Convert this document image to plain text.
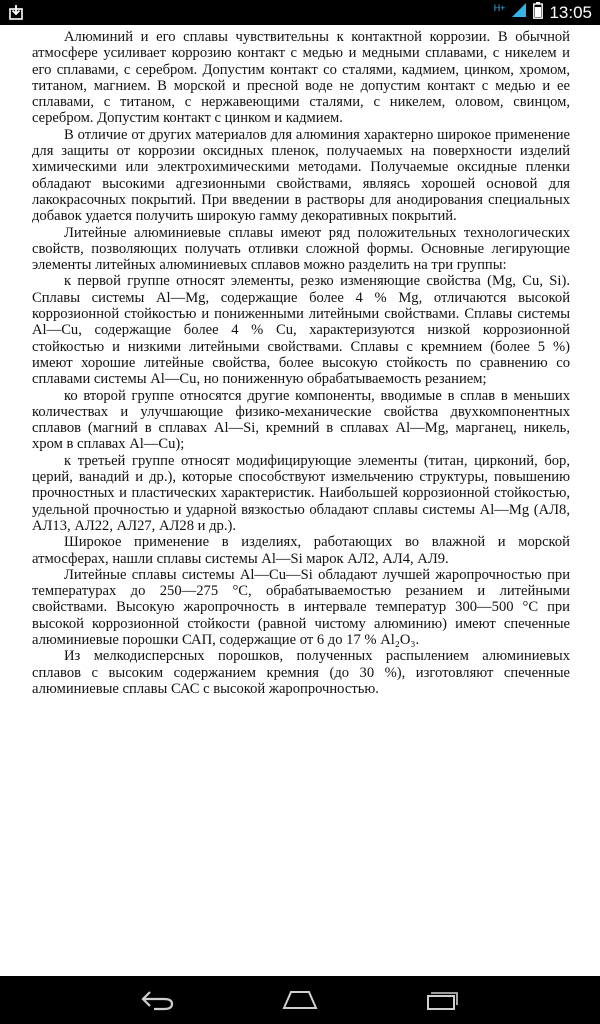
H+	13:05

Алюминий и его сплавы чувствительны к контактной коррозии. В обычной атмосфере усиливает коррозию контакт с медью и медными сплавами, с никелем и его сплавами, с серебром. Допустим контакт со сталями, кадмием, цинком, хромом, титаном, магнием. В морской и пресной воде не допустим контакт с медью и ее сплавами, с титаном, с нержавеющими сталями, с никелем, оловом, свинцом, серебром. Допустим контакт с цинком и кадмием.

В отличие от других материалов для алюминия характерно широкое применение для защиты от коррозии оксидных пленок, получаемых на поверхности изделий химическими или электрохимическими методами. Получаемые оксидные пленки обладают высокими адгезионными свойствами, являясь хорошей основой для лакокрасочных покрытий. При введении в растворы для анодирования специальных добавок удается получить широкую гамму декоративных покрытий.

Литейные алюминиевые сплавы имеют ряд положительных технологических свойств, позволяющих получать отливки сложной формы. Основные легирующие элементы литейных алюминиевых сплавов можно разделить на три группы:

к первой группе относят элементы, резко изменяющие свойства (Mg, Cu, Si). Сплавы системы Al—Mg, содержащие более 4 % Mg, отличаются высокой коррозионной стойкостью и пониженными литейными свойствами. Сплавы системы Al—Cu, содержащие более 4 % Cu, характеризуются низкой коррозионной стойкостью и низкими литейными свойствами. Сплавы с кремнием (более 5 %) имеют хорошие литейные свойства, более высокую стойкость по сравнению со сплавами системы Al—Cu, но пониженную обрабатываемость резанием;

ко второй группе относятся другие компоненты, вводимые в сплав в меньших количествах и улучшающие физико-механические свойства двухкомпонентных сплавов (магний в сплавах Al—Si, кремний в сплавах Al—Mg, марганец, никель, хром в сплавах Al—Cu);

к третьей группе относят модифицирующие элементы (титан, цирконий, бор, церий, ванадий и др.), которые способствуют измельчению структуры, повышению прочностных и пластических характеристик. Наибольшей коррозионной стойкостью, удельной прочностью и ударной вязкостью обладают сплавы системы Al—Mg (АЛ8, АЛ13, АЛ22, АЛ27, АЛ28 и др.).

Широкое применение в изделиях, работающих во влажной и морской атмосферах, нашли сплавы системы Al—Si марок АЛ2, АЛ4, АЛ9.

Литейные сплавы системы Al—Cu—Si обладают лучшей жаропрочностью при температурах до 250—275 °С, обрабатываемостью резанием и литейными свойствами. Высокую жаропрочность в интервале температур 300—500 °С при высокой коррозионной стойкости (равной чистому алюминию) имеют спеченные алюминиевые порошки САП, содержащие от 6 до 17 % Al₂O₃.

Из мелкодисперсных порошков, полученных распылением алюминиевых сплавов с высоким содержанием кремния (до 30 %), изготовляют спеченные алюминиевые сплавы САС с высокой жаропрочностью.
